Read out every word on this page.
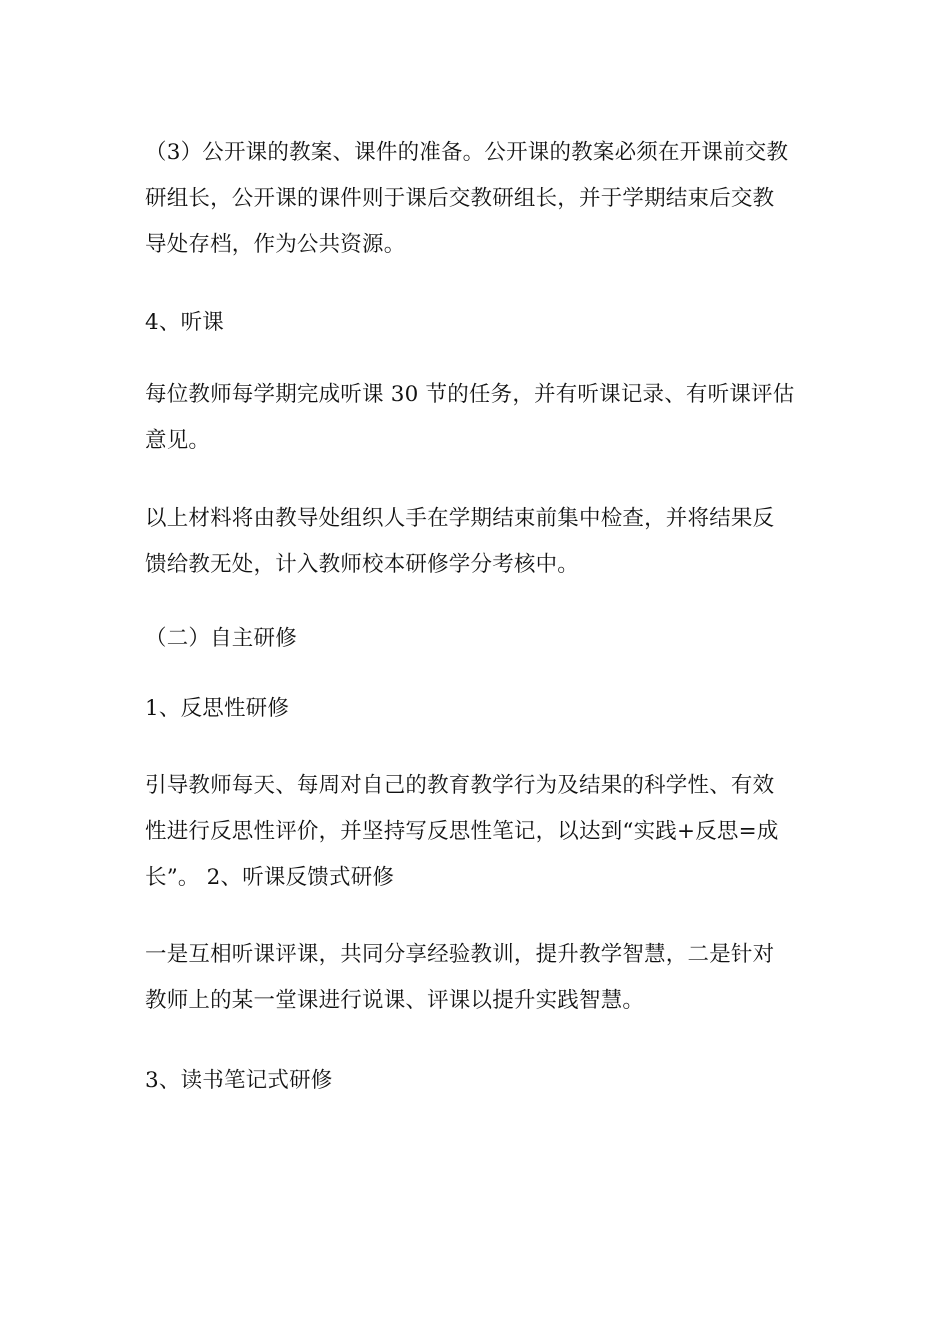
（3）公开课的教案、课件的准备。公开课的教案必须在开课前交教
研组长，公开课的课件则于课后交教研组长，并于学期结束后交教
导处存档，作为公共资源。

4、听课

每位教师每学期完成听课 30 节的任务，并有听课记录、有听课评估
意见。

以上材料将由教导处组织人手在学期结束前集中检查，并将结果反
馈给教无处，计入教师校本研修学分考核中。

（二）自主研修

1、反思性研修

引导教师每天、每周对自己的教育教学行为及结果的科学性、有效
性进行反思性评价，并坚持写反思性笔记，以达到“实践+反思=成
长”。 2、听课反馈式研修

一是互相听课评课，共同分享经验教训，提升教学智慧，二是针对
教师上的某一堂课进行说课、评课以提升实践智慧。

3、读书笔记式研修
